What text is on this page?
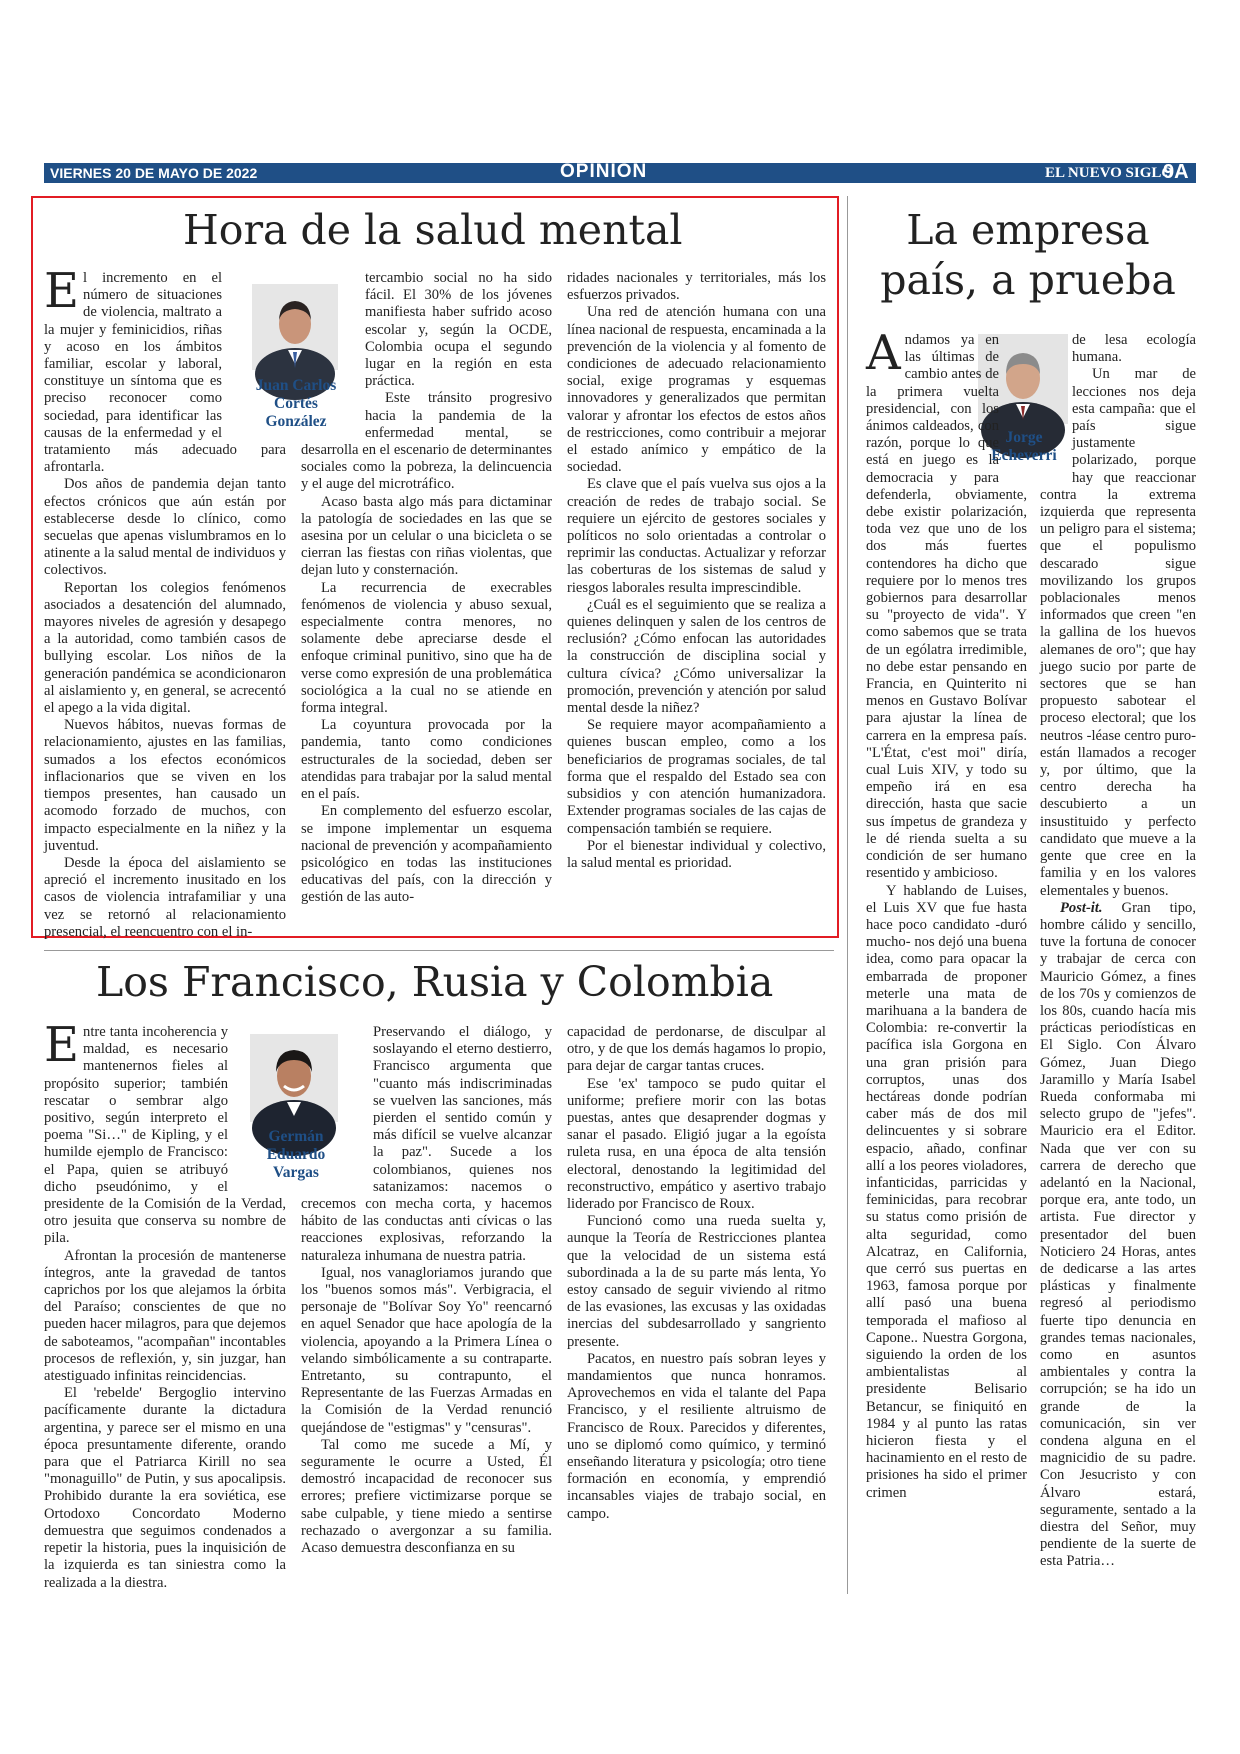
VIERNES 20 DE MAYO DE 2022	OPINIÓN	EL NUEVO SIGLO
9A
Hora de la salud mental
Juan Carlos Cortés González

El incremento en el número de situaciones de violencia, maltrato a la mujer y feminicidios, riñas y acoso en los ámbitos familiar, escolar y laboral, constituye un síntoma que es preciso reconocer como sociedad, para identificar las causas de la enfermedad y el tratamiento más adecuado para afrontarla.

Dos años de pandemia dejan tanto efectos crónicos que aún están por establecerse desde lo clínico, como secuelas que apenas vislumbramos en lo atinente a la salud mental de individuos y colectivos.

Reportan los colegios fenómenos asociados a desatención del alumnado, mayores niveles de agresión y desapego a la autoridad, como también casos de bullying escolar. Los niños de la generación pandémica se acondicionaron al aislamiento y, en general, se acrecentó el apego a la vida digital.

Nuevos hábitos, nuevas formas de relacionamiento, ajustes en las familias, sumados a los efectos económicos inflacionarios que se viven en los tiempos presentes, han causado un acomodo forzado de muchos, con impacto especialmente en la niñez y la juventud.

Desde la época del aislamiento se apreció el incremento inusitado en los casos de violencia intrafamiliar y una vez se retornó al relacionamiento presencial, el reencuentro con el in-

tercambio social no ha sido fácil. El 30% de los jóvenes manifiesta haber sufrido acoso escolar y, según la OCDE, Colombia ocupa el segundo lugar en la región en esta práctica.

Este tránsito progresivo hacia la pandemia de la enfermedad mental, se desarrolla en el escenario de determinantes sociales como la pobreza, la delincuencia y el auge del microtráfico.

Acaso basta algo más para dictaminar la patología de sociedades en las que se asesina por un celular o una bicicleta o se cierran las fiestas con riñas violentas, que dejan luto y consternación.

La recurrencia de execrables fenómenos de violencia y abuso sexual, especialmente contra menores, no solamente debe apreciarse desde el enfoque criminal punitivo, sino que ha de verse como expresión de una problemática sociológica a la cual no se atiende en forma integral.

La coyuntura provocada por la pandemia, tanto como condiciones estructurales de la sociedad, deben ser atendidas para trabajar por la salud mental en el país.

En complemento del esfuerzo escolar, se impone implementar un esquema nacional de prevención y acompañamiento psicológico en todas las instituciones educativas del país, con la dirección y gestión de las auto-

ridades nacionales y territoriales, más los esfuerzos privados.

Una red de atención humana con una línea nacional de respuesta, encaminada a la prevención de la violencia y al fomento de condiciones de adecuado relacionamiento social, exige programas y esquemas innovadores y generalizados que permitan valorar y afrontar los efectos de estos años de restricciones, como contribuir a mejorar el estado anímico y empático de la sociedad.

Es clave que el país vuelva sus ojos a la creación de redes de trabajo social. Se requiere un ejército de gestores sociales y políticos no solo orientadas a controlar o reprimir las conductas. Actualizar y reforzar las coberturas de los sistemas de salud y riesgos laborales resulta imprescindible.

¿Cuál es el seguimiento que se realiza a quienes delinquen y salen de los centros de reclusión? ¿Cómo enfocan las autoridades la construcción de disciplina social y cultura cívica? ¿Cómo universalizar la promoción, prevención y atención por salud mental desde la niñez?

Se requiere mayor acompañamiento a quienes buscan empleo, como a los beneficiarios de programas sociales, de tal forma que el respaldo del Estado sea con subsidios y con atención humanizadora. Extender programas sociales de las cajas de compensación también se requiere.

Por el bienestar individual y colectivo, la salud mental es prioridad.

Los Francisco, Rusia y Colombia
Germán Eduardo Vargas

Entre tanta incoherencia y maldad, es necesario mantenernos fieles al propósito superior; también rescatar o sembrar algo positivo, según interpreto el poema "Si…" de Kipling, y el humilde ejemplo de Francisco: el Papa, quien se atribuyó dicho pseudónimo, y el presidente de la Comisión de la Verdad, otro jesuita que conserva su nombre de pila.

Afrontan la procesión de mantenerse íntegros, ante la gravedad de tantos caprichos por los que alejamos la órbita del Paraíso; conscientes de que no pueden hacer milagros, para que dejemos de saboteamos, "acompañan" incontables procesos de reflexión, y, sin juzgar, han atestiguado infinitas reincidencias.

El 'rebelde' Bergoglio intervino pacíficamente durante la dictadura argentina, y parece ser el mismo en una época presuntamente diferente, orando para que el Patriarca Kirill no sea "monaguillo" de Putin, y sus apocalipsis. Prohibido durante la era soviética, ese Ortodoxo Concordato Moderno demuestra que seguimos condenados a repetir la historia, pues la inquisición de la izquierda es tan siniestra como la realizada a la diestra.

Preservando el diálogo, y soslayando el eterno destierro, Francisco argumenta que "cuanto más indiscriminadas se vuelven las sanciones, más pierden el sentido común y más difícil se vuelve alcanzar la paz". Sucede a los colombianos, quienes nos satanizamos: nacemos o crecemos con mecha corta, y hacemos hábito de las conductas anti cívicas o las reacciones explosivas, reforzando la naturaleza inhumana de nuestra patria.

Igual, nos vanagloriamos jurando que los "buenos somos más". Verbigracia, el personaje de "Bolívar Soy Yo" reencarnó en aquel Senador que hace apología de la violencia, apoyando a la Primera Línea o velando simbólicamente a su contraparte. Entretanto, su contrapunto, el Representante de las Fuerzas Armadas en la Comisión de la Verdad renunció quejándose de "estigmas" y "censuras".

Tal como me sucede a Mí, y seguramente le ocurre a Usted, Él demostró incapacidad de reconocer sus errores; prefiere victimizarse porque se sabe culpable, y tiene miedo a sentirse rechazado o avergonzar a su familia. Acaso demuestra desconfianza en su

capacidad de perdonarse, de disculpar al otro, y de que los demás hagamos lo propio, para dejar de cargar tantas cruces.

Ese 'ex' tampoco se pudo quitar el uniforme; prefiere morir con las botas puestas, antes que desaprender dogmas y sanar el pasado. Eligió jugar a la egoísta ruleta rusa, en una época de alta tensión electoral, denostando la legitimidad del reconstructivo, empático y asertivo trabajo liderado por Francisco de Roux.

Funcionó como una rueda suelta y, aunque la Teoría de Restricciones plantea que la velocidad de un sistema está subordinada a la de su parte más lenta, Yo estoy cansado de seguir viviendo al ritmo de las evasiones, las excusas y las oxidadas inercias del subdesarrollado y sangriento presente.

Pacatos, en nuestro país sobran leyes y mandamientos que nunca honramos. Aprovechemos en vida el talante del Papa Francisco, y el resiliente altruismo de Francisco de Roux. Parecidos y diferentes, uno se diplomó como químico, y terminó enseñando literatura y psicología; otro tiene formación en economía, y emprendió incansables viajes de trabajo social, en campo.

La empresa
país, a prueba
Jorge Echeverri

Andamos ya en las últimas de cambio antes de la primera vuelta presidencial, con los ánimos caldeados, con razón, porque lo que está en juego es la democracia y para defenderla, obviamente, debe existir polarización, toda vez que uno de los dos más fuertes contendores ha dicho que requiere por lo menos tres gobiernos para desarrollar su "proyecto de vida". Y como sabemos que se trata de un ególatra irredimible, no debe estar pensando en Francia, en Quinterito ni menos en Gustavo Bolívar para ajustar la línea de carrera en la empresa país. "L'État, c'est moi" diría, cual Luis XIV, y todo su empeño irá en esa dirección, hasta que sacie sus ímpetus de grandeza y le dé rienda suelta a su condición de ser humano resentido y ambicioso.

Y hablando de Luises, el Luis XV que fue hasta hace poco candidato -duró mucho- nos dejó una buena idea, como para opacar la embarrada de proponer meterle una mata de marihuana a la bandera de Colombia: re-convertir la pacífica isla Gorgona en una gran prisión para corruptos, unas dos hectáreas donde podrían caber más de dos mil delincuentes y si sobrare espacio, añado, confinar allí a los peores violadores, infanticidas, parricidas y feminicidas, para recobrar su status como prisión de alta seguridad, como Alcatraz, en California, que cerró sus puertas en 1963, famosa porque por allí pasó una buena temporada el mafioso al Capone.. Nuestra Gorgona, siguiendo la orden de los ambientalistas al presidente Belisario Betancur, se finiquitó en 1984 y al punto las ratas hicieron fiesta y el hacinamiento en el resto de prisiones ha sido el primer crimen

de lesa ecología humana.

Un mar de lecciones nos deja esta campaña: que el país sigue justamente polarizado, porque hay que reaccionar contra la extrema izquierda que representa un peligro para el sistema; que el populismo descarado sigue movilizando los grupos poblacionales menos informados que creen "en la gallina de los huevos alemanes de oro"; que hay juego sucio por parte de sectores que se han propuesto sabotear el proceso electoral; que los neutros -léase centro puro- están llamados a recoger y, por último, que la centro derecha ha descubierto a un insustituido y perfecto candidato que mueve a la gente que cree en la familia y en los valores elementales y buenos.

Post-it. Gran tipo, hombre cálido y sencillo, tuve la fortuna de conocer y trabajar de cerca con Mauricio Gómez, a fines de los 70s y comienzos de los 80s, cuando hacía mis prácticas periodísticas en El Siglo. Con Álvaro Gómez, Juan Diego Jaramillo y María Isabel Rueda conformaba mi selecto grupo de "jefes". Mauricio era el Editor. Nada que ver con su carrera de derecho que adelantó en la Nacional, porque era, ante todo, un artista. Fue director y presentador del buen Noticiero 24 Horas, antes de dedicarse a las artes plásticas y finalmente regresó al periodismo fuerte tipo denuncia en grandes temas nacionales, como en asuntos ambientales y contra la corrupción; se ha ido un grande de la comunicación, sin ver condena alguna en el magnicidio de su padre. Con Jesucristo y con Álvaro estará, seguramente, sentado a la diestra del Señor, muy pendiente de la suerte de esta Patria…
